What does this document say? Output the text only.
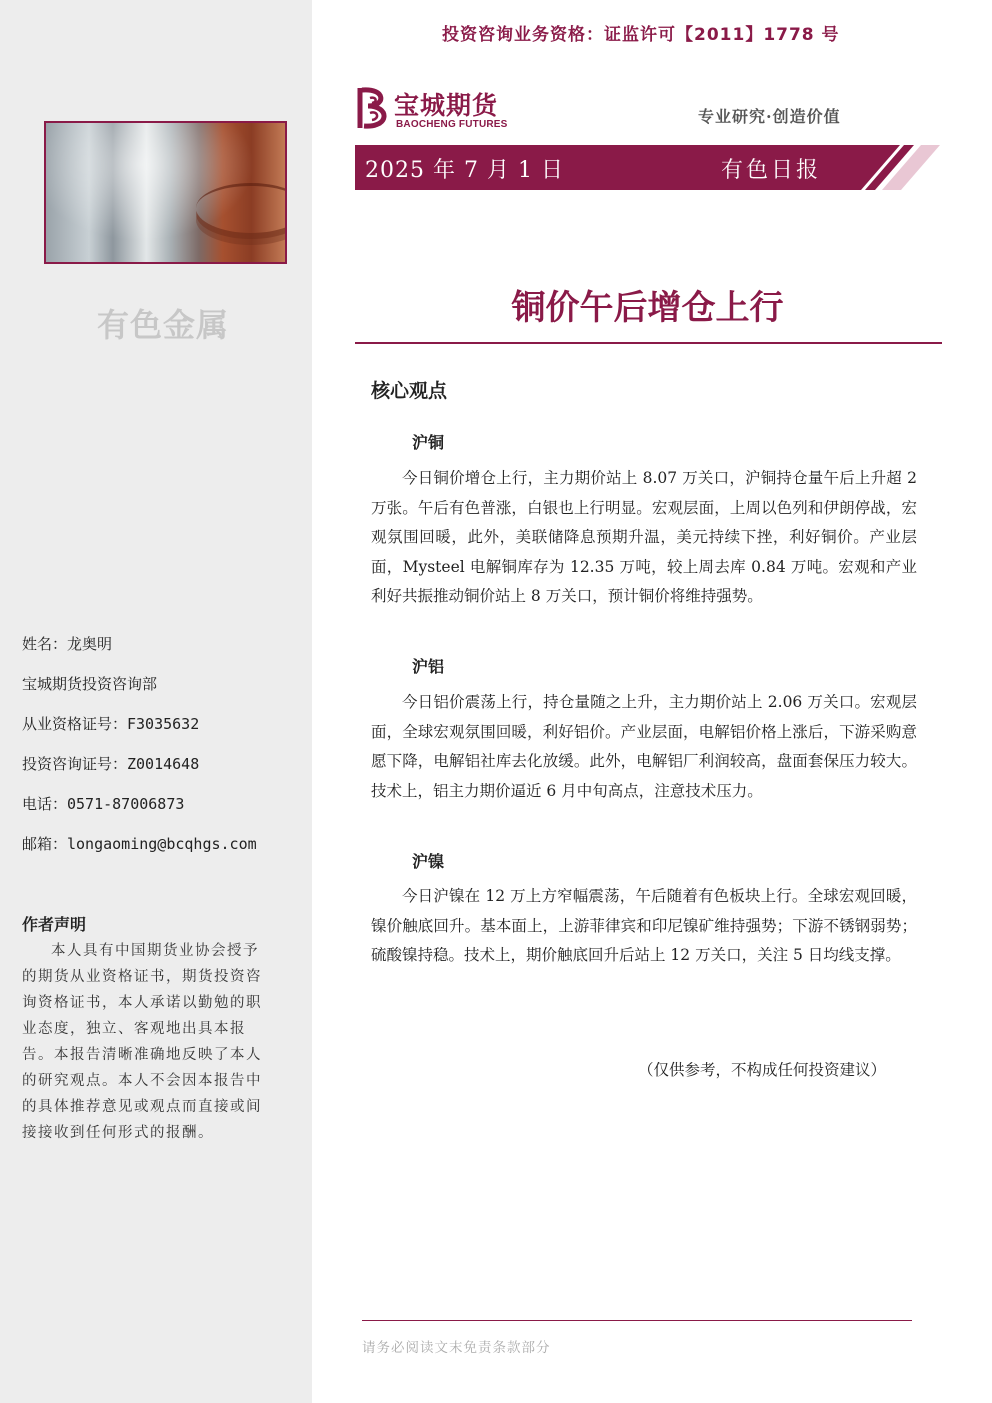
有色金属
姓名：龙奥明
宝城期货投资咨询部
从业资格证号：F3035632
投资咨询证号：Z0014648
电话：0571-87006873
邮箱：longaoming@bcqhgs.com
作者声明
本人具有中国期货业协会授予的期货从业资格证书，期货投资咨询资格证书，本人承诺以勤勉的职业态度，独立、客观地出具本报告。本报告清晰准确地反映了本人的研究观点。本人不会因本报告中的具体推荐意见或观点而直接或间接接收到任何形式的报酬。
投资咨询业务资格：证监许可【2011】1778 号
宝城期货
BAOCHENG FUTURES	专业研究·创造价值
2025 年 7 月 1 日	有色日报
铜价午后增仓上行
核心观点
沪铜
今日铜价增仓上行，主力期价站上 8.07 万关口，沪铜持仓量午后上升超 2 万张。午后有色普涨，白银也上行明显。宏观层面，上周以色列和伊朗停战，宏观氛围回暖，此外，美联储降息预期升温，美元持续下挫，利好铜价。产业层面，Mysteel 电解铜库存为 12.35 万吨，较上周去库 0.84 万吨。宏观和产业利好共振推动铜价站上 8 万关口，预计铜价将维持强势。
沪铝
今日铝价震荡上行，持仓量随之上升，主力期价站上 2.06 万关口。宏观层面，全球宏观氛围回暖，利好铝价。产业层面，电解铝价格上涨后，下游采购意愿下降，电解铝社库去化放缓。此外，电解铝厂利润较高，盘面套保压力较大。技术上，铝主力期价逼近 6 月中旬高点，注意技术压力。
沪镍
今日沪镍在 12 万上方窄幅震荡，午后随着有色板块上行。全球宏观回暖，镍价触底回升。基本面上，上游菲律宾和印尼镍矿维持强势；下游不锈钢弱势；硫酸镍持稳。技术上，期价触底回升后站上 12 万关口，关注 5 日均线支撑。
（仅供参考，不构成任何投资建议）
请务必阅读文末免责条款部分
